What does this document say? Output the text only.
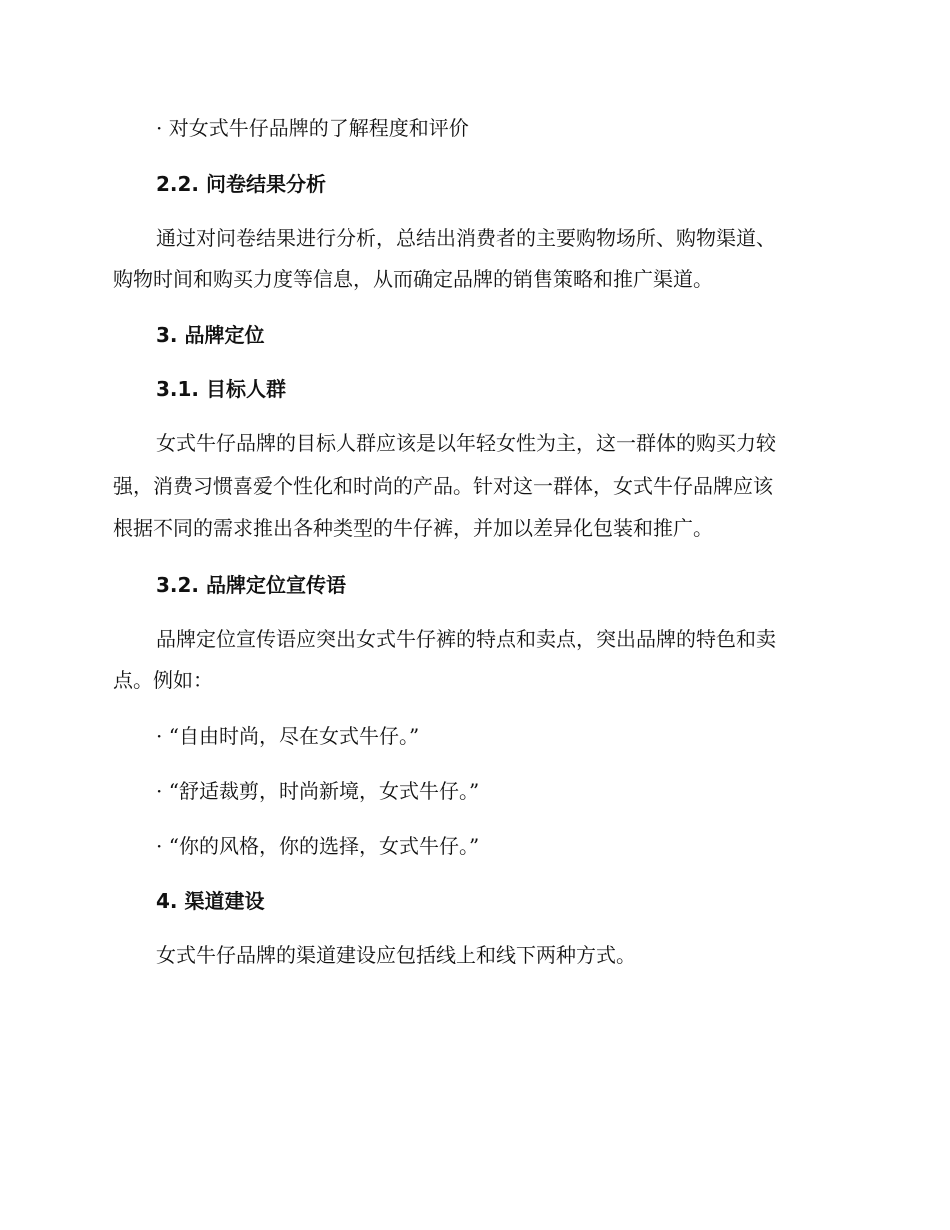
· 对女式牛仔品牌的了解程度和评价
2.2. 问卷结果分析
通过对问卷结果进行分析，总结出消费者的主要购物场所、购物渠道、
购物时间和购买力度等信息，从而确定品牌的销售策略和推广渠道。
3. 品牌定位
3.1. 目标人群
女式牛仔品牌的目标人群应该是以年轻女性为主，这一群体的购买力较
强，消费习惯喜爱个性化和时尚的产品。针对这一群体，女式牛仔品牌应该
根据不同的需求推出各种类型的牛仔裤，并加以差异化包装和推广。
3.2. 品牌定位宣传语
品牌定位宣传语应突出女式牛仔裤的特点和卖点，突出品牌的特色和卖
点。例如：
· “自由时尚，尽在女式牛仔。”
· “舒适裁剪，时尚新境，女式牛仔。”
· “你的风格，你的选择，女式牛仔。”
4. 渠道建设
女式牛仔品牌的渠道建设应包括线上和线下两种方式。
